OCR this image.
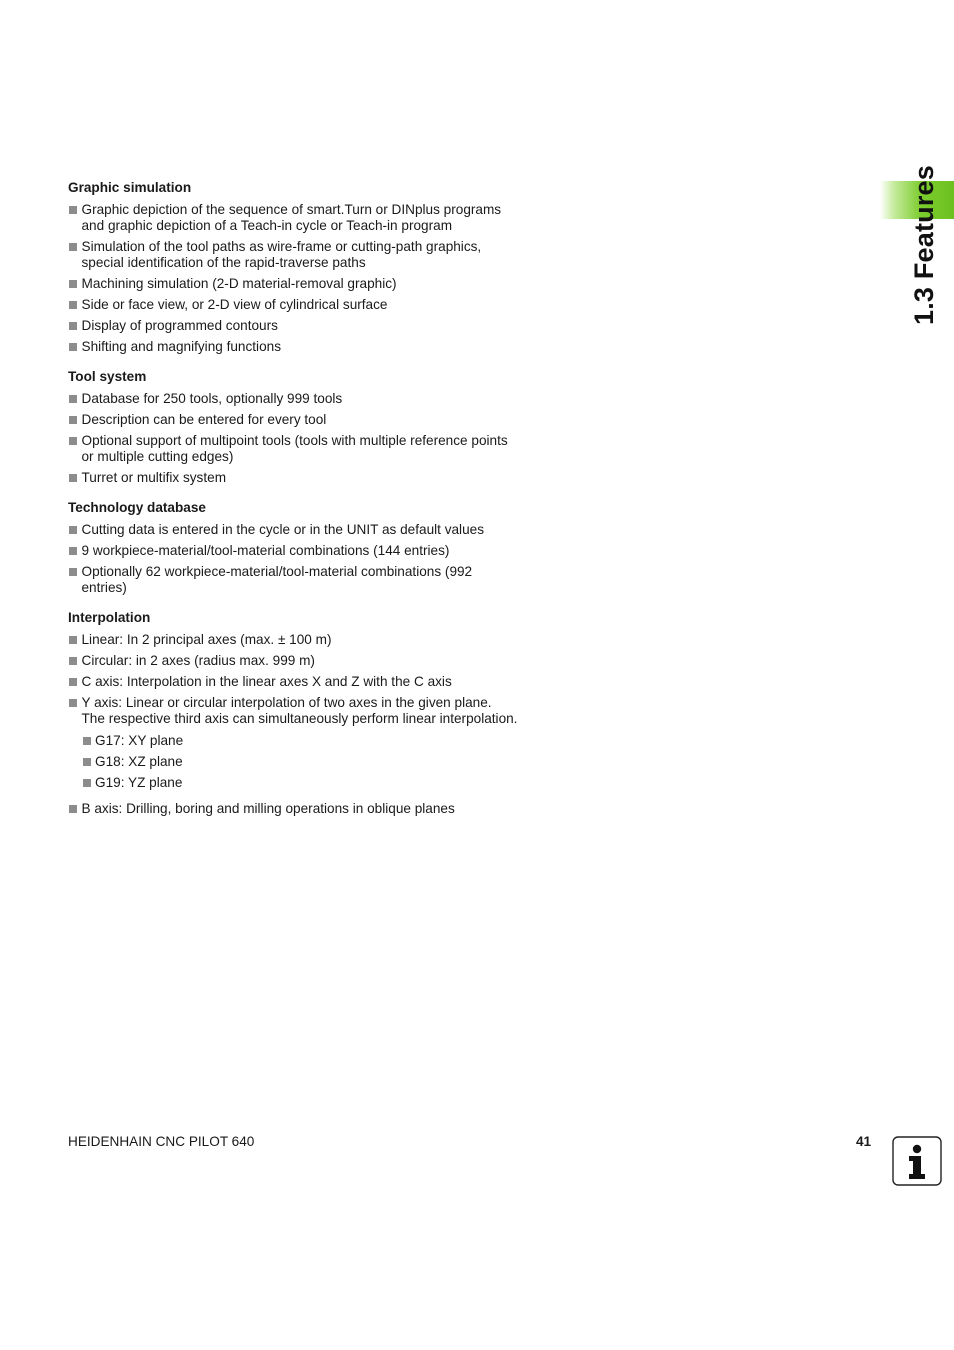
Graphic simulation
Graphic depiction of the sequence of smart.Turn or DINplus programs and graphic depiction of a Teach-in cycle or Teach-in program
Simulation of the tool paths as wire-frame or cutting-path graphics, special identification of the rapid-traverse paths
Machining simulation (2-D material-removal graphic)
Side or face view, or 2-D view of cylindrical surface
Display of programmed contours
Shifting and magnifying functions
Tool system
Database for 250 tools, optionally 999 tools
Description can be entered for every tool
Optional support of multipoint tools (tools with multiple reference points or multiple cutting edges)
Turret or multifix system
Technology database
Cutting data is entered in the cycle or in the UNIT as default values
9 workpiece-material/tool-material combinations (144 entries)
Optionally 62 workpiece-material/tool-material combinations (992 entries)
Interpolation
Linear: In 2 principal axes (max. ± 100 m)
Circular: in 2 axes (radius max. 999 m)
C axis: Interpolation in the linear axes X and Z with the C axis
Y axis: Linear or circular interpolation of two axes in the given plane. The respective third axis can simultaneously perform linear interpolation.
G17: XY plane
G18: XZ plane
G19: YZ plane
B axis: Drilling, boring and milling operations in oblique planes
1.3 Features
HEIDENHAIN CNC PILOT 640	41
